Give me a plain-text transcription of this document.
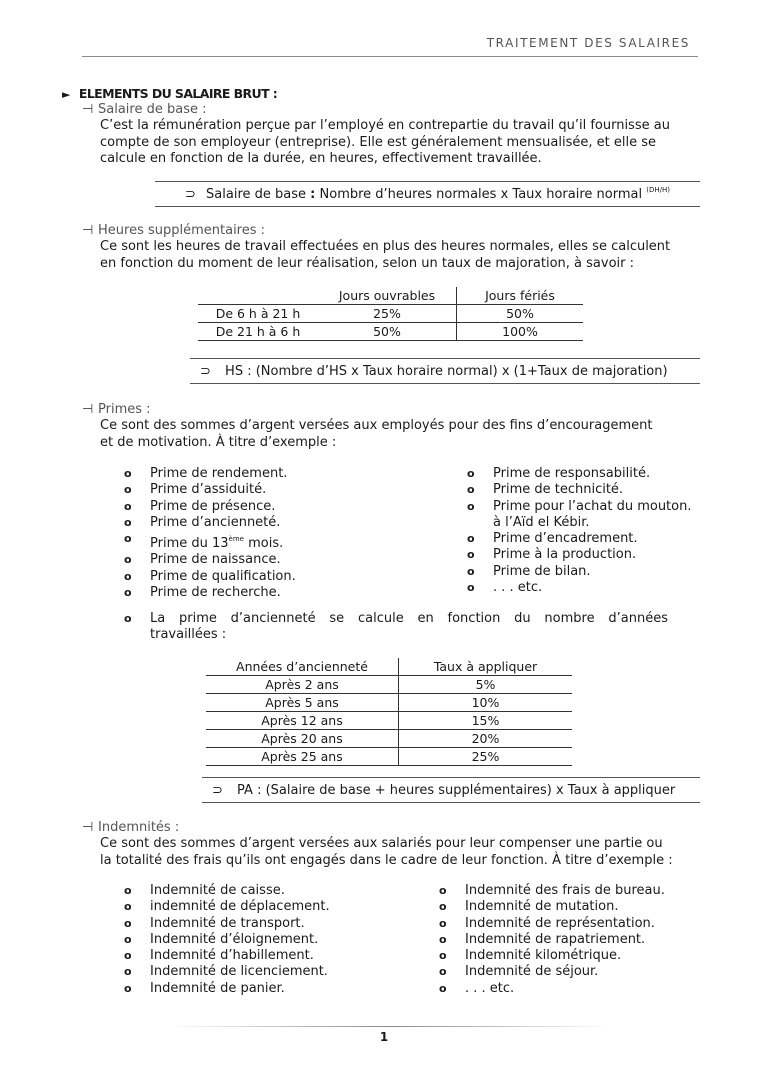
TRAITEMENT DES SALAIRES
► ELEMENTS DU SALAIRE BRUT :
⊣ Salaire de base :
C’est la rémunération perçue par l’employé en contrepartie du travail qu’il fournisse au
compte de son employeur (entreprise). Elle est généralement mensualisée, et elle se
calcule en fonction de la durée, en heures, effectivement travaillée.
⊃ Salaire de base : Nombre d’heures normales x Taux horaire normal $^{(DH/H)}$
⊣ Heures supplémentaires :
Ce sont les heures de travail effectuées en plus des heures normales, elles se calculent
en fonction du moment de leur réalisation, selon un taux de majoration, à savoir :
	Jours ouvrables	Jours fériés
De 6 h à 21 h	25%	50%
De 21 h à 6 h	50%	100%
⊃ HS : (Nombre d’HS x Taux horaire normal) x (1+Taux de majoration)
⊣ Primes :
Ce sont des sommes d’argent versées aux employés pour des fins d’encouragement
et de motivation. À titre d’exemple :
o	Prime de rendement.
o	Prime d’assiduité.
o	Prime de présence.
o	Prime d’ancienneté.
o	Prime du 13ème mois.
o	Prime de naissance.
o	Prime de qualification.
o	Prime de recherche.
o	Prime de responsabilité.
o	Prime de technicité.
o	Prime pour l’achat du mouton.
à l’Aïd el Kébir.
o	Prime d’encadrement.
o	Prime à la production.
o	Prime de bilan.
o	. . . etc.
o	La prime d’ancienneté se calcule en fonction du nombre d’années
travaillées :
Années d’ancienneté	Taux à appliquer
Après 2 ans	5%
Après 5 ans	10%
Après 12 ans	15%
Après 20 ans	20%
Après 25 ans	25%
⊃ PA : (Salaire de base + heures supplémentaires) x Taux à appliquer
⊣ Indemnités :
Ce sont des sommes d’argent versées aux salariés pour leur compenser une partie ou
la totalité des frais qu’ils ont engagés dans le cadre de leur fonction. À titre d’exemple :
o	Indemnité de caisse.
o	indemnité de déplacement.
o	Indemnité de transport.
o	Indemnité d’éloignement.
o	Indemnité d’habillement.
o	Indemnité de licenciement.
o	Indemnité de panier.
o	Indemnité des frais de bureau.
o	Indemnité de mutation.
o	Indemnité de représentation.
o	Indemnité de rapatriement.
o	Indemnité kilométrique.
o	Indemnité de séjour.
o	. . . etc.
1
